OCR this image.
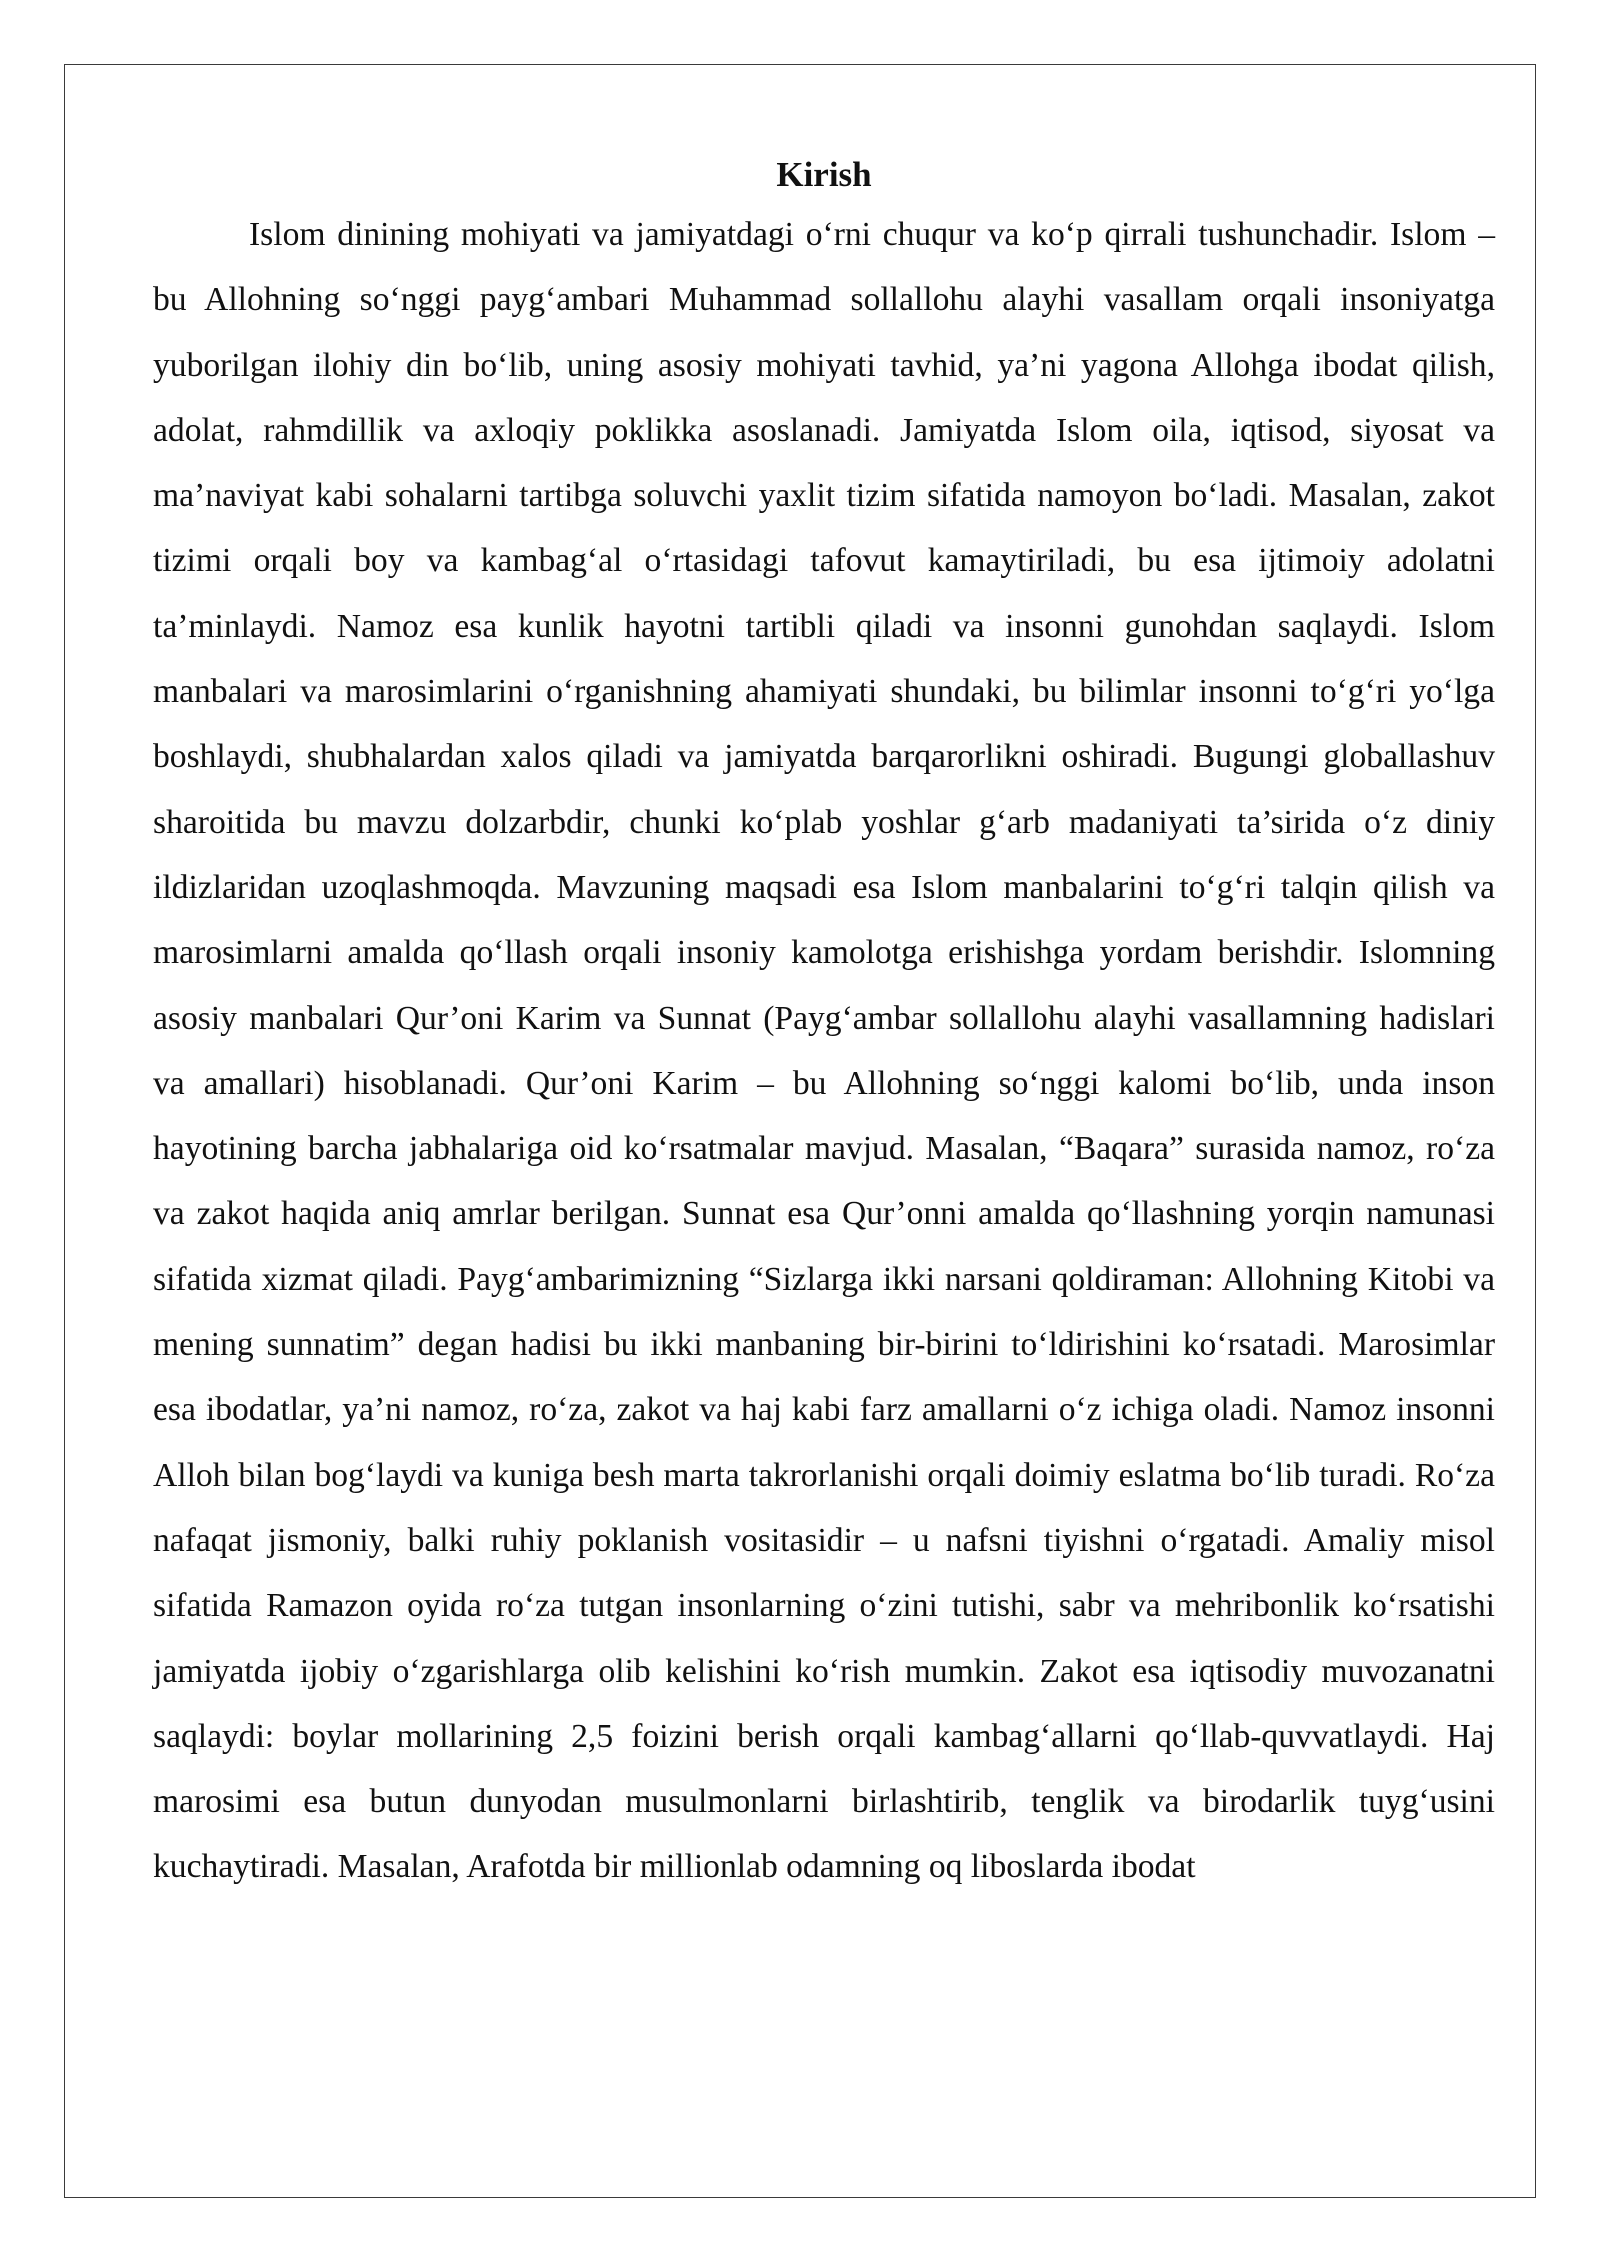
Kirish

Islom dinining mohiyati va jamiyatdagi o‘rni chuqur va ko‘p qirrali tushunchadir. Islom – bu Allohning so‘nggi payg‘ambari Muhammad sollallohu alayhi vasallam orqali insoniyatga yuborilgan ilohiy din bo‘lib, uning asosiy mohiyati tavhid, ya’ni yagona Allohga ibodat qilish, adolat, rahmdillik va axloqiy poklikka asoslanadi. Jamiyatda Islom oila, iqtisod, siyosat va ma’naviyat kabi sohalarni tartibga soluvchi yaxlit tizim sifatida namoyon bo‘ladi. Masalan, zakot tizimi orqali boy va kambag‘al o‘rtasidagi tafovut kamaytiriladi, bu esa ijtimoiy adolatni ta’minlaydi. Namoz esa kunlik hayotni tartibli qiladi va insonni gunohdan saqlaydi. Islom manbalari va marosimlarini o‘rganishning ahamiyati shundaki, bu bilimlar insonni to‘g‘ri yo‘lga boshlaydi, shubhalardan xalos qiladi va jamiyatda barqarorlikni oshiradi. Bugungi globallashuv sharoitida bu mavzu dolzarbdir, chunki ko‘plab yoshlar g‘arb madaniyati ta’sirida o‘z diniy ildizlaridan uzoqlashmoqda. Mavzuning maqsadi esa Islom manbalarini to‘g‘ri talqin qilish va marosimlarni amalda qo‘llash orqali insoniy kamolotga erishishga yordam berishdir. Islomning asosiy manbalari Qur’oni Karim va Sunnat (Payg‘ambar sollallohu alayhi vasallamning hadislari va amallari) hisoblanadi. Qur’oni Karim – bu Allohning so‘nggi kalomi bo‘lib, unda inson hayotining barcha jabhalariga oid ko‘rsatmalar mavjud. Masalan, “Baqara” surasida namoz, ro‘za va zakot haqida aniq amrlar berilgan. Sunnat esa Qur’onni amalda qo‘llashning yorqin namunasi sifatida xizmat qiladi. Payg‘ambarimizning “Sizlarga ikki narsani qoldiraman: Allohning Kitobi va mening sunnatim” degan hadisi bu ikki manbaning bir-birini to‘ldirishini ko‘rsatadi. Marosimlar esa ibodatlar, ya’ni namoz, ro‘za, zakot va haj kabi farz amallarni o‘z ichiga oladi. Namoz insonni Alloh bilan bog‘laydi va kuniga besh marta takrorlanishi orqali doimiy eslatma bo‘lib turadi. Ro‘za nafaqat jismoniy, balki ruhiy poklanish vositasidir – u nafsni tiyishni o‘rgatadi. Amaliy misol sifatida Ramazon oyida ro‘za tutgan insonlarning o‘zini tutishi, sabr va mehribonlik ko‘rsatishi jamiyatda ijobiy o‘zgarishlarga olib kelishini ko‘rish mumkin. Zakot esa iqtisodiy muvozanatni saqlaydi: boylar mollarining 2,5 foizini berish orqali kambag‘allarni qo‘llab-quvvatlaydi. Haj marosimi esa butun dunyodan musulmonlarni birlashtirib, tenglik va birodarlik tuyg‘usini kuchaytiradi. Masalan, Arafotda bir millionlab odamning oq liboslarda ibodat
